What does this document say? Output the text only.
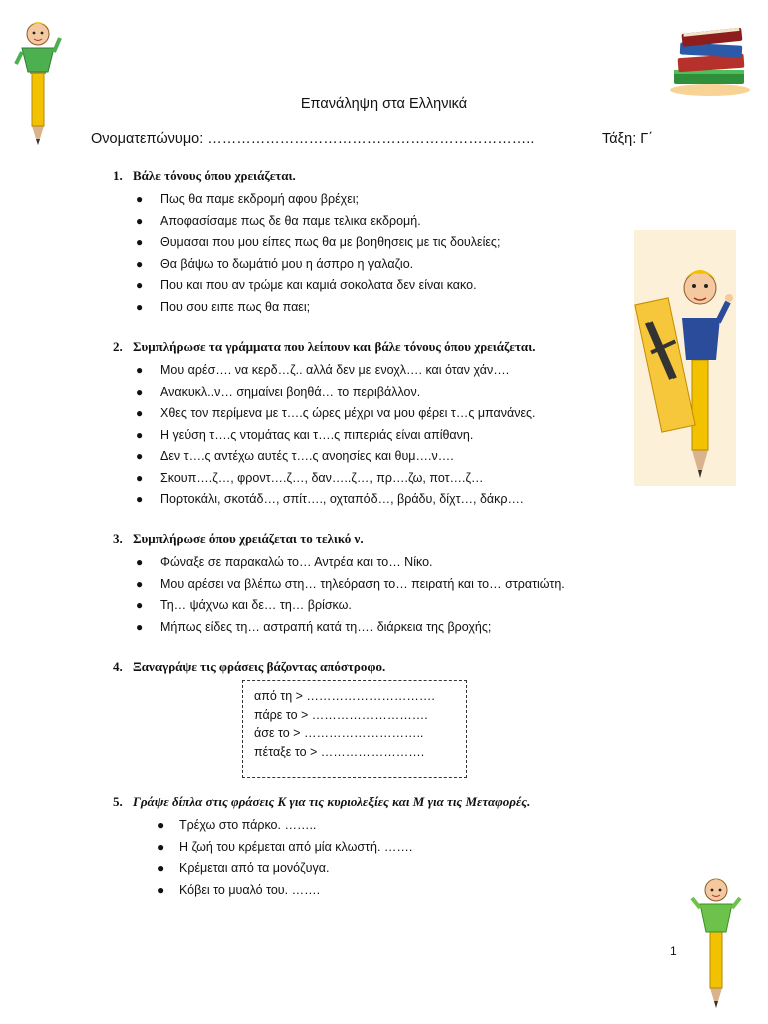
Επανάληψη στα Ελληνικά
Ονοματεπώνυμο: …………………………………………………………..	Τάξη: Γ΄
1. Βάλε τόνους όπου χρειάζεται.
● Πως θα παμε εκδρομή αφου βρέχει;
● Αποφασίσαμε πως δε θα παμε τελικα εκδρομή.
● Θυμασαι που μου είπες πως θα με βοηθησεις με τις δουλείες;
● Θα βάψω το δωμάτιό μου η άσπρο η γαλαζιο.
● Που και που αν τρώμε και καμιά σοκολατα δεν είναι κακο.
● Που σου ειπε πως θα παει;
2. Συμπλήρωσε τα γράμματα που λείπουν και βάλε τόνους όπου χρειάζεται.
● Μου αρέσ…. να κερδ…ζ.. αλλά δεν με ενοχλ…. και όταν χάν….
● Ανακυκλ..ν… σημαίνει βοηθά… το περιβάλλον.
● Χθες τον περίμενα με τ….ς ώρες μέχρι να μου φέρει τ…ς μπανάνες.
● Η γεύση τ….ς ντομάτας και τ….ς πιπεριάς είναι απίθανη.
● Δεν τ….ς αντέχω αυτές τ….ς ανοησίες και θυμ….ν….
● Σκουπ….ζ…, φροντ….ζ…, δαν…..ζ…, πρ….ζω, ποτ….ζ…
● Πορτοκάλι, σκοτάδ…, σπίτ…., οχταπόδ…, βράδυ, δίχτ…, δάκρ….
3. Συμπλήρωσε όπου χρειάζεται το τελικό ν.
● Φώναξε σε παρακαλώ το… Αντρέα και το… Νίκο.
● Μου αρέσει να βλέπω στη… τηλεόραση το… πειρατή και το… στρατιώτη.
● Τη… ψάχνω και δε… τη… βρίσκω.
● Μήπως είδες τη… αστραπή κατά τη…. διάρκεια της βροχής;
4. Ξαναγράψε τις φράσεις βάζοντας απόστροφο.
από τη > ………………………….
πάρε το > ……………………….
άσε το > ………………………..
πέταξε το > …………………….
5. Γράψε δίπλα στις φράσεις Κ για τις κυριολεξίες και Μ για τις Μεταφορές.
● Τρέχω στο πάρκο. ……..
● Η ζωή του κρέμεται από μία κλωστή. …….
● Κρέμεται από τα μονόζυγα.
● Κόβει το μυαλό του. …….
1
